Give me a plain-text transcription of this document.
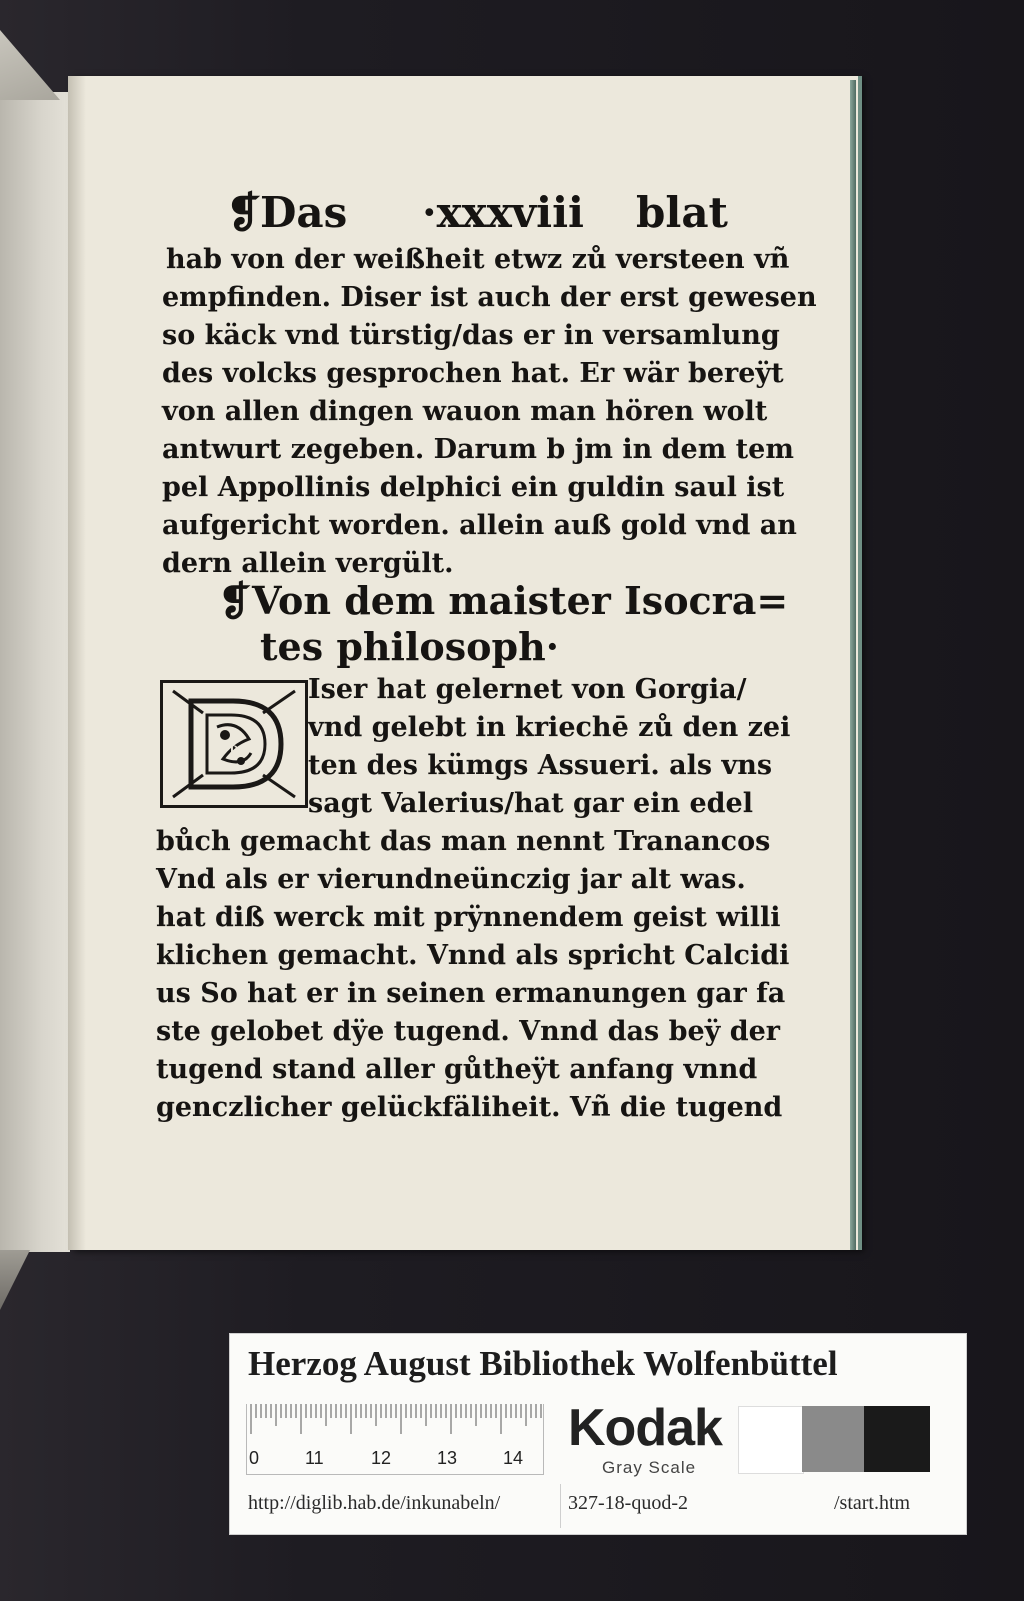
❡
Das ·xxxviii blat
hab von der weißheit etwz zů versteen vñ
empfinden. Diser ist auch der erst gewesen
so käck vnd türstig/das er in versamlung
des volcks gesprochen hat. Er wär bereÿt
von allen dingen wauon man hören wolt
antwurt zegeben. Darum b jm in dem tem
pel Appollinis delphici ein guldin saul ist
aufgericht worden. allein auß gold vnd an
dern allein vergült.
❡ Von dem maister Isocra=
tes philosoph·
D
Iser hat gelernet von Gorgia/
vnd gelebt in kriechē zů den zei
ten des kümgs Assueri. als vns
sagt Valerius/hat gar ein edel
bůch gemacht das man nennt Tranancos
Vnd als er vierundneünczig jar alt was.
hat diß werck mit prÿnnendem geist willi
klichen gemacht. Vnnd als spricht Calcidi
us So hat er in seinen ermanungen gar fa
ste gelobet dÿe tugend. Vnnd das beÿ der
tugend stand aller gůtheÿt anfang vnnd
genczlicher gelückfäliheit. Vñ die tugend
Herzog August Bibliothek Wolfenbüttel
0	11	12	13	14
Kodak
Gray Scale
http://diglib.hab.de/inkunabeln/	327-18-quod-2	/start.htm
